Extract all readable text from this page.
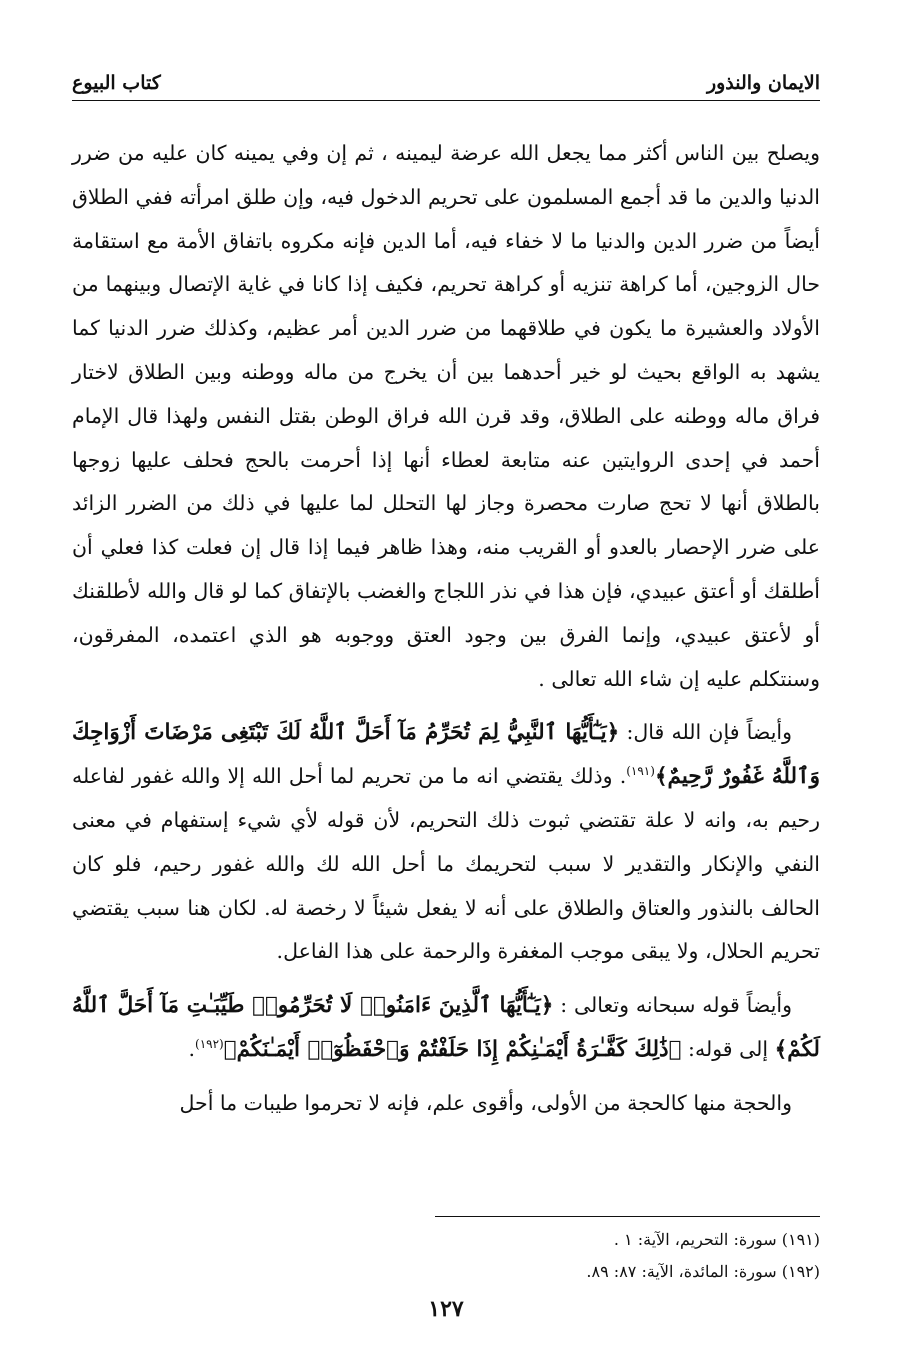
الايمان والنذور
كتاب البيوع

ويصلح بين الناس أكثر مما يجعل الله عرضة ليمينه ، ثم إن وفي يمينه كان عليه من ضرر الدنيا والدين ما قد أجمع المسلمون على تحريم الدخول فيه، وإن طلق امرأته ففي الطلاق أيضاً من ضرر الدين والدنيا ما لا خفاء فيه، أما الدين فإنه مكروه باتفاق الأمة مع استقامة حال الزوجين، أما كراهة تنزيه أو كراهة تحريم، فكيف إذا كانا في غاية الإتصال وبينهما من الأولاد والعشيرة ما يكون في طلاقهما من ضرر الدين أمر عظيم، وكذلك ضرر الدنيا كما يشهد به الواقع بحيث لو خير أحدهما بين أن يخرج من ماله ووطنه وبين الطلاق لاختار فراق ماله ووطنه على الطلاق، وقد قرن الله فراق الوطن بقتل النفس ولهذا قال الإمام أحمد في إحدى الروايتين عنه متابعة لعطاء أنها إذا أحرمت بالحج فحلف عليها زوجها بالطلاق أنها لا تحج صارت محصرة وجاز لها التحلل لما عليها في ذلك من الضرر الزائد على ضرر الإحصار بالعدو أو القريب منه، وهذا ظاهر فيما إذا قال إن فعلت كذا فعلي أن أطلقك أو أعتق عبيدي، فإن هذا في نذر اللجاج والغضب بالإتفاق كما لو قال والله لأطلقنك أو لأعتق عبيدي، وإنما الفرق بين وجود العتق ووجوبه هو الذي اعتمده، المفرقون، وسنتكلم عليه إن شاء الله تعالى .

وأيضاً فإن الله قال: ﴿يَـٰٓأَيُّهَا ٱلنَّبِيُّ لِمَ تُحَرِّمُ مَآ أَحَلَّ ٱللَّهُ لَكَ تَبْتَغِى مَرْضَاتَ أَزْوَاجِكَ وَٱللَّهُ غَفُورٌ رَّحِيمٌ﴾$^{(١٩١)}$. وذلك يقتضي انه ما من تحريم لما أحل الله إلا والله غفور لفاعله رحيم به، وانه لا علة تقتضي ثبوت ذلك التحريم، لأن قوله لأي شيء إستفهام في معنى النفي والإنكار والتقدير لا سبب لتحريمك ما أحل الله لك والله غفور رحيم، فلو كان الحالف بالنذور والعتاق والطلاق على أنه لا يفعل شيئاً لا رخصة له. لكان هنا سبب يقتضي تحريم الحلال، ولا يبقى موجب المغفرة والرحمة على هذا الفاعل.

وأيضاً قوله سبحانه وتعالى : ﴿يَـٰٓأَيُّهَا ٱلَّذِينَ ءَامَنُوا۟ لَا تُحَرِّمُوا۟ طَيِّبَـٰتِ مَآ أَحَلَّ ٱللَّهُ لَكُمْ﴾ إلى قوله: ﴿ذَٰلِكَ كَفَّـٰرَةُ أَيْمَـٰنِكُمْ إِذَا حَلَفْتُمْ وَٱحْفَظُوٓا۟ أَيْمَـٰنَكُمْ﴾$^{(١٩٢)}$.

والحجة منها كالحجة من الأولى، وأقوى علم، فإنه لا تحرموا طيبات ما أحل

(١٩١) سورة: التحريم، الآية: ١ .

(١٩٢) سورة: المائدة، الآية: ٨٧: ٨٩.

١٢٧
